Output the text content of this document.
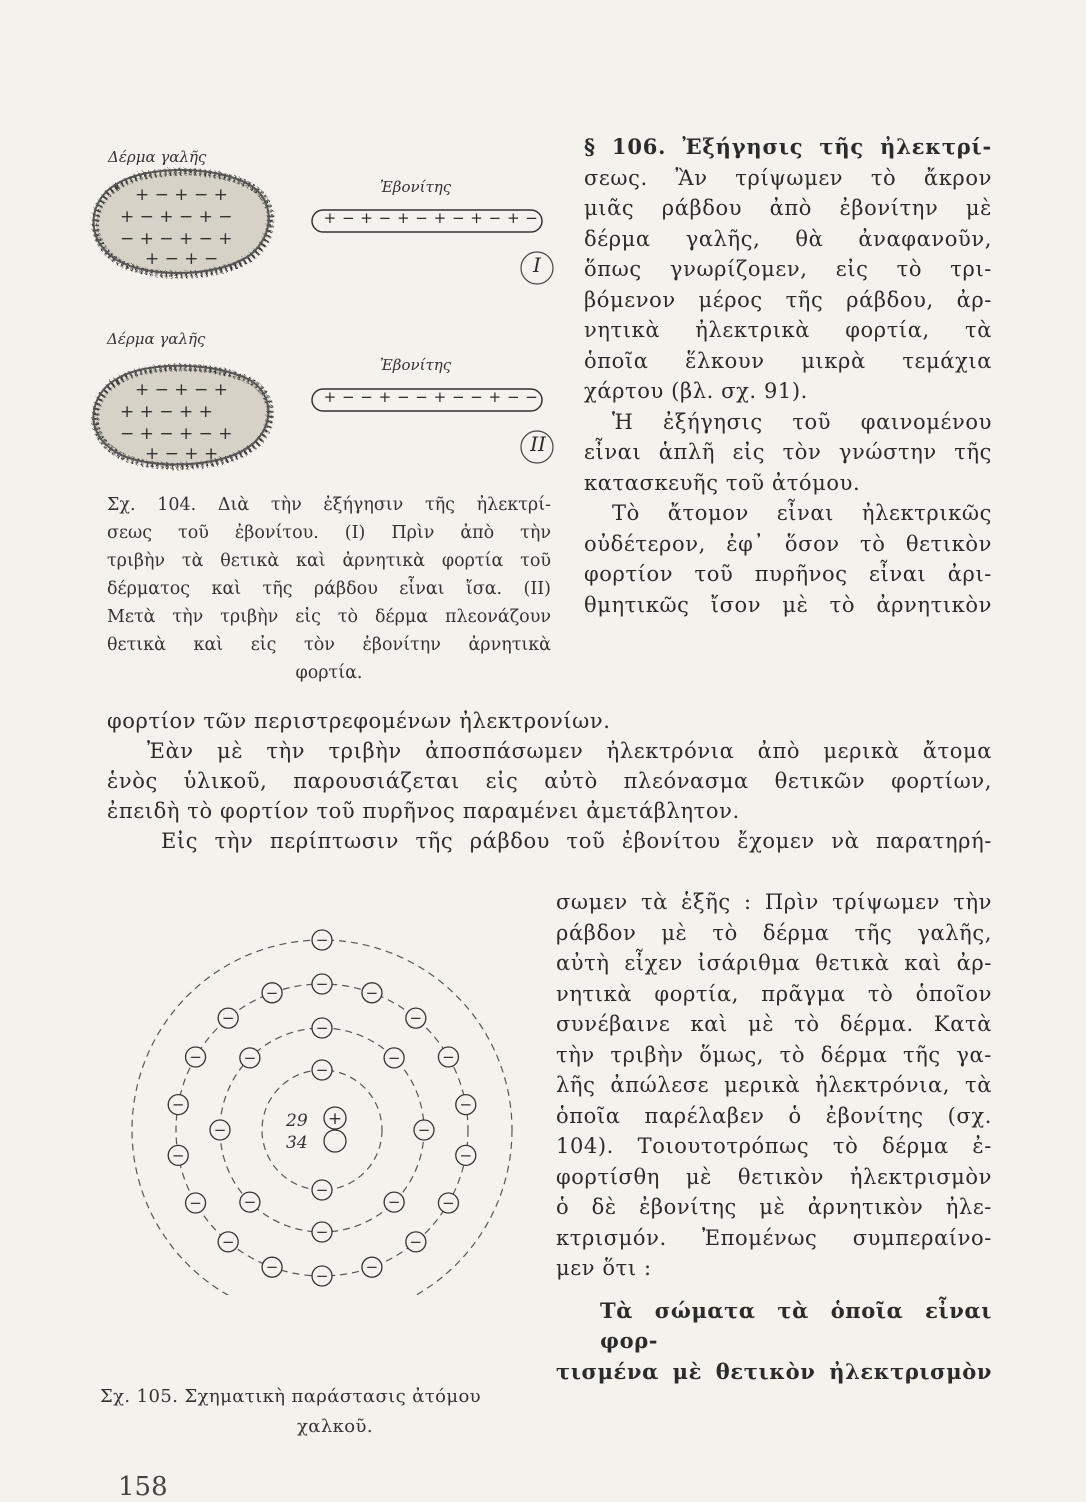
+ − + − +
+ − + − + −
− + − + − +
+ − + −
+ − + − +
+ + − + +
− + − + − +
+ − + +
Δέρμα γαλῆς
Ἐβονίτης
+ − + − + − + − + − + −
I
Δέρμα γαλῆς
Ἐβονίτης
+ − − + − − + − − + − −
II
Σχ. 104. Διὰ τὴν ἐξήγησιν τῆς ἠλεκτρί-
σεως τοῦ ἐβονίτου. (I) Πρὶν ἀπὸ τὴν
τριβὴν τὰ θετικὰ καὶ ἀρνητικὰ φορτία τοῦ
δέρματος καὶ τῆς ράβδου εἶναι ἴσα. (II)
Μετὰ τὴν τριβὴν εἰς τὸ δέρμα πλεονάζουν
θετικὰ καὶ εἰς τὸν ἐβονίτην ἀρνητικὰ
φορτία.
§ 106. Ἐξήγησις τῆς ἠλεκτρί-
σεως. Ἂν τρίψωμεν τὸ ἄκρον
μιᾶς ράβδου ἀπὸ ἐβονίτην μὲ
δέρμα γαλῆς, θὰ ἀναφανοῦν,
ὅπως γνωρίζομεν, εἰς τὸ τρι-
βόμενον μέρος τῆς ράβδου, ἀρ-
νητικὰ ἠλεκτρικὰ φορτία, τὰ
ὁποῖα ἕλκουν μικρὰ τεμάχια
χάρτου (βλ. σχ. 91).
Ἡ ἐξήγησις τοῦ φαινομένου
εἶναι ἁπλῆ εἰς τὸν γνώστην τῆς
κατασκευῆς τοῦ ἀτόμου.
Τὸ ἄτομον εἶναι ἠλεκτρικῶς
οὐδέτερον, ἐφ᾽ ὅσον τὸ θετικὸν
φορτίον τοῦ πυρῆνος εἶναι ἀρι-
θμητικῶς ἴσον μὲ τὸ ἀρνητικὸν
φορτίον τῶν περιστρεφομένων ἠλεκτρονίων.
Ἐὰν μὲ τὴν τριβὴν ἀποσπάσωμεν ἠλεκτρόνια ἀπὸ μερικὰ ἄτομα
ἑνὸς ὑλικοῦ, παρουσιάζεται εἰς αὐτὸ πλεόνασμα θετικῶν φορτίων,
ἐπειδὴ τὸ φορτίον τοῦ πυρῆνος παραμένει ἀμετάβλητον.
Εἰς τὴν περίπτωσιν τῆς ράβδου τοῦ ἐβονίτου ἔχομεν νὰ παρατηρή-
σωμεν τὰ ἑξῆς : Πρὶν τρίψωμεν τὴν
ράβδον μὲ τὸ δέρμα τῆς γαλῆς,
αὐτὴ εἶχεν ἰσάριθμα θετικὰ καὶ ἀρ-
νητικὰ φορτία, πρᾶγμα τὸ ὁποῖον
συνέβαινε καὶ μὲ τὸ δέρμα. Κατὰ
τὴν τριβὴν ὅμως, τὸ δέρμα τῆς γα-
λῆς ἀπώλεσε μερικὰ ἠλεκτρόνια, τὰ
ὁποῖα παρέλαβεν ὁ ἐβονίτης (σχ.
104). Τοιουτοτρόπως τὸ δέρμα ἐ-
φορτίσθη μὲ θετικὸν ἠλεκτρισμὸν
ὁ δὲ ἐβονίτης μὲ ἀρνητικὸν ἠλε-
κτρισμόν. Ἐπομένως συμπεραίνο-
μεν ὅτι :
Τὰ σώματα τὰ ὁποῖα εἶναι φορ-
τισμένα μὲ θετικὸν ἠλεκτρισμὸν
−
−
−
−
−
−
−
−
−
−
− −
−
−
−
−
−
−
−
−
−
−
−
−
−
−
−
−
−
29 +
34
Σχ. 105. Σχηματικὴ παράστασις ἀτόμου
χαλκοῦ.
158
